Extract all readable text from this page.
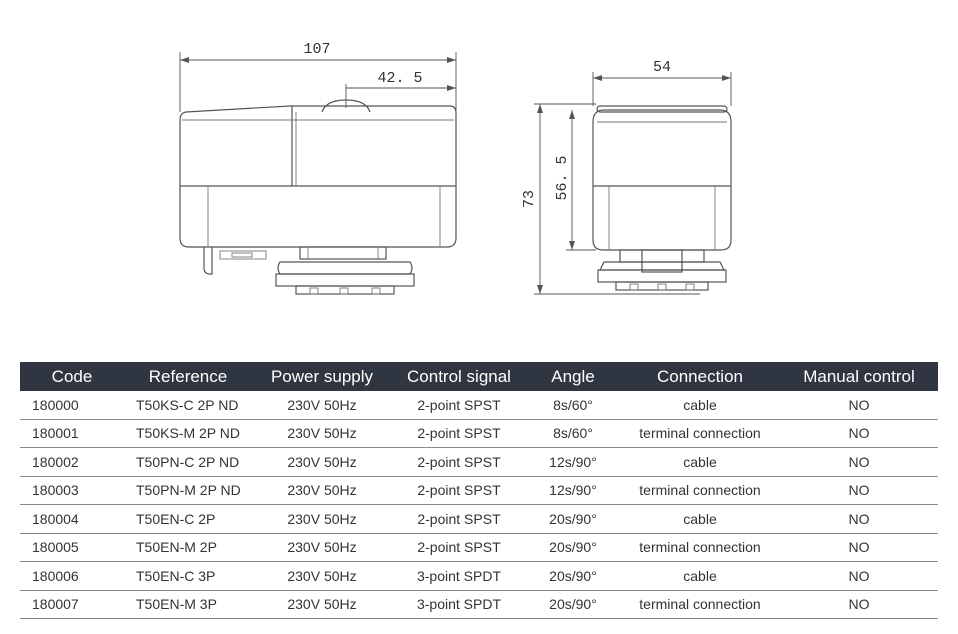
107
42. 5
54
73 56. 5
Code	Reference	Power supply	Control signal	Angle	Connection	Manual control
180000	T50KS-C 2P ND	230V 50Hz	2-point SPST	8s/60°	cable	NO
180001	T50KS-M 2P ND	230V 50Hz	2-point SPST	8s/60°	terminal connection	NO
180002	T50PN-C 2P ND	230V 50Hz	2-point SPST	12s/90°	cable	NO
180003	T50PN-M 2P ND	230V 50Hz	2-point SPST	12s/90°	terminal connection	NO
180004	T50EN-C 2P	230V 50Hz	2-point SPST	20s/90°	cable	NO
180005	T50EN-M 2P	230V 50Hz	2-point SPST	20s/90°	terminal connection	NO
180006	T50EN-C 3P	230V 50Hz	3-point SPDT	20s/90°	cable	NO
180007	T50EN-M 3P	230V 50Hz	3-point SPDT	20s/90°	terminal connection	NO
